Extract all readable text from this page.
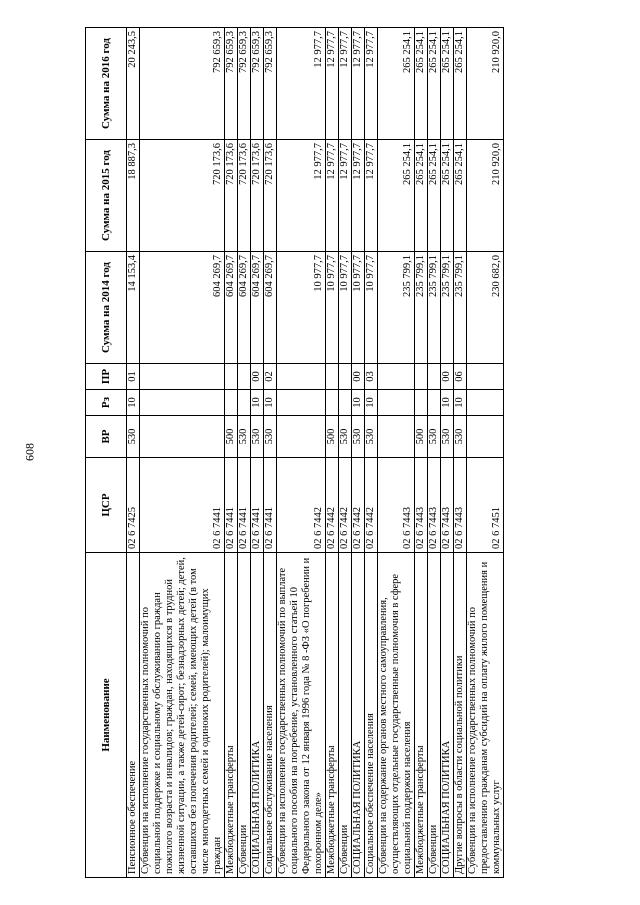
608
Наименование	ЦСР	ВР	Рз	ПР	Сумма на 2014 год	Сумма на 2015 год	Сумма на 2016 год
Пенсионное обеспечение	02 6 7425	530	10	01	14 153,4	18 887,3	20 243,5
Субвенции на исполнение государственных полномочий по социальной поддержке и социальному обслуживанию граждан пожилого возраста и инвалидов; граждан, находящихся в трудной жизненной ситуации, а также детей-сирот; безнадзорных детей; детей, оставшихся без попечения родителей; семей, имеющих детей (в том числе многодетных семей и одиноких родителей); малоимущих граждан	02 6 7441				604 269,7	720 173,6	792 659,3
Межбюджетные трансферты	02 6 7441	500			604 269,7	720 173,6	792 659,3
Субвенции	02 6 7441	530			604 269,7	720 173,6	792 659,3
СОЦИАЛЬНАЯ ПОЛИТИКА	02 6 7441	530	10	00	604 269,7	720 173,6	792 659,3
Социальное обслуживание населения	02 6 7441	530	10	02	604 269,7	720 173,6	792 659,3
Субвенции на исполнение государственных полномочий по выплате социального пособия на погребение, установленного статьей 10 Федерального закона от 12 января 1996 года № 8 -ФЗ «О погребении и похоронном деле»	02 6 7442				10 977,7	12 977,7	12 977,7
Межбюджетные трансферты	02 6 7442	500			10 977,7	12 977,7	12 977,7
Субвенции	02 6 7442	530			10 977,7	12 977,7	12 977,7
СОЦИАЛЬНАЯ ПОЛИТИКА	02 6 7442	530	10	00	10 977,7	12 977,7	12 977,7
Социальное обеспечение населения	02 6 7442	530	10	03	10 977,7	12 977,7	12 977,7
Субвенции на содержание органов местного самоуправления, осуществляющих отдельные государственные полномочия в сфере социальной поддержки населения	02 6 7443				235 799,1	265 254,1	265 254,1
Межбюджетные трансферты	02 6 7443	500			235 799,1	265 254,1	265 254,1
Субвенции	02 6 7443	530			235 799,1	265 254,1	265 254,1
СОЦИАЛЬНАЯ ПОЛИТИКА	02 6 7443	530	10	00	235 799,1	265 254,1	265 254,1
Другие вопросы в области социальной политики	02 6 7443	530	10	06	235 799,1	265 254,1	265 254,1
Субвенции на исполнение государственных полномочий по предоставлению гражданам субсидий на оплату жилого помещения и коммунальных услуг	02 6 7451				230 682,0	210 920,0	210 920,0
